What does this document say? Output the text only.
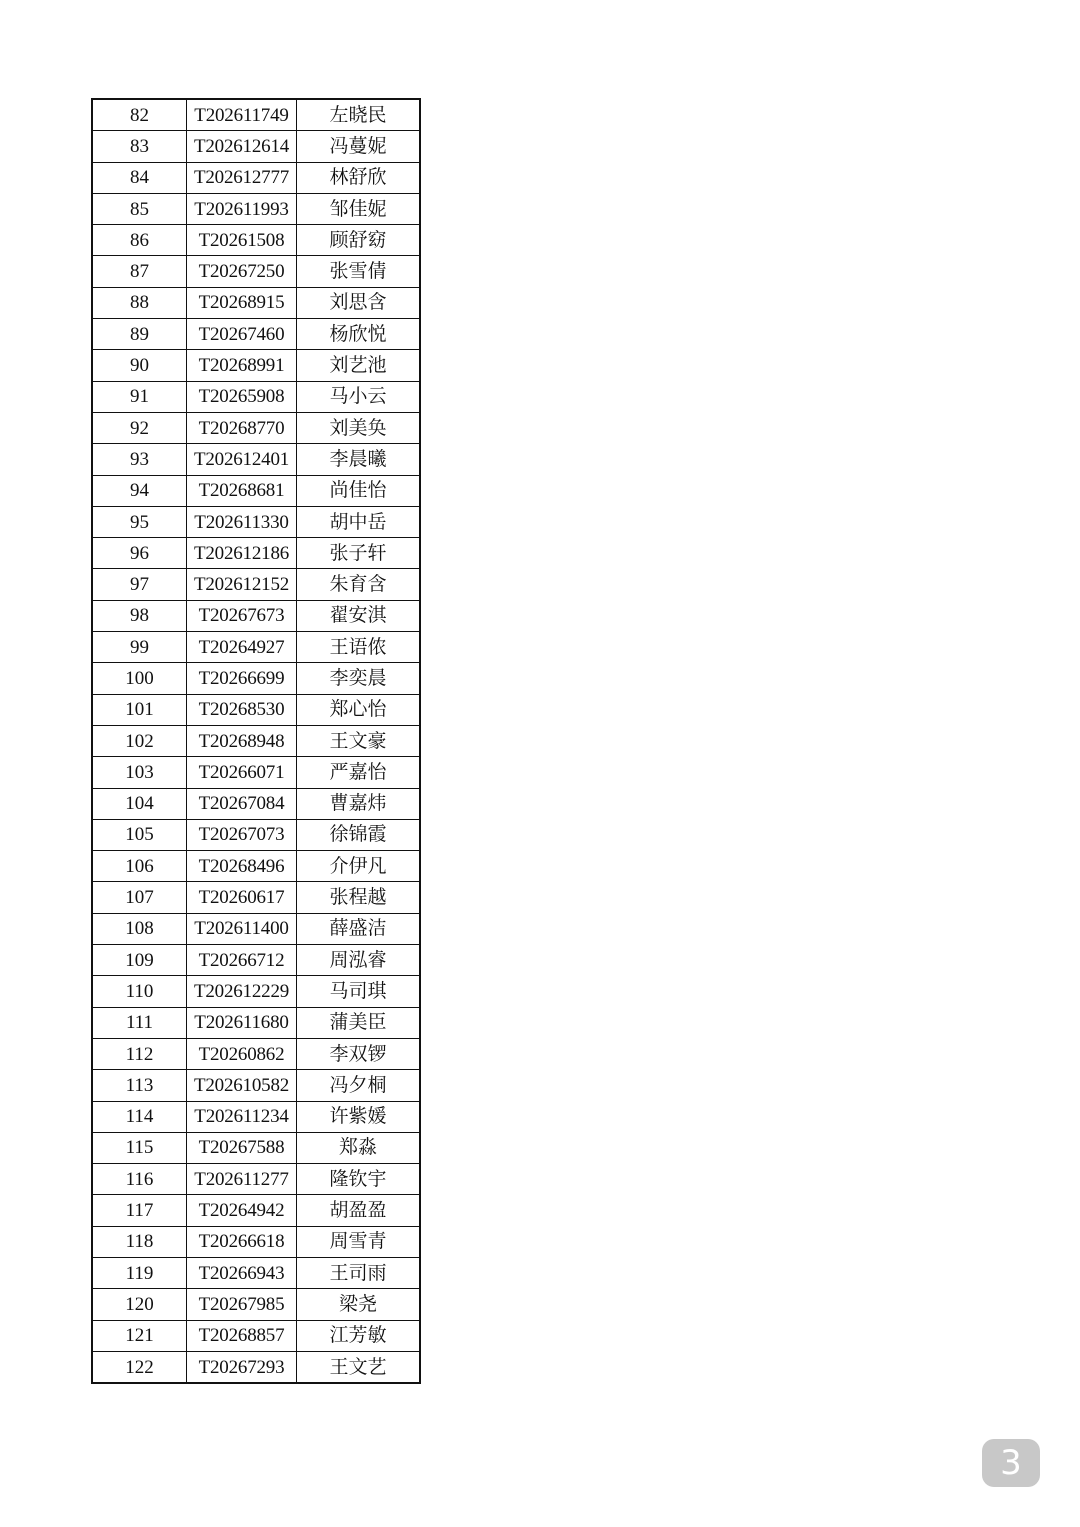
82	T202611749	左晓民
83	T202612614	冯蔓妮
84	T202612777	林舒欣
85	T202611993	邹佳妮
86	T20261508	顾舒窈
87	T20267250	张雪倩
88	T20268915	刘思含
89	T20267460	杨欣悦
90	T20268991	刘艺池
91	T20265908	马小云
92	T20268770	刘美奂
93	T202612401	李晨曦
94	T20268681	尚佳怡
95	T202611330	胡中岳
96	T202612186	张子轩
97	T202612152	朱育含
98	T20267673	翟安淇
99	T20264927	王语侬
100	T20266699	李奕晨
101	T20268530	郑心怡
102	T20268948	王文豪
103	T20266071	严嘉怡
104	T20267084	曹嘉炜
105	T20267073	徐锦霞
106	T20268496	介伊凡
107	T20260617	张程越
108	T202611400	薛盛洁
109	T20266712	周泓睿
110	T202612229	马司琪
111	T202611680	蒲美臣
112	T20260862	李双锣
113	T202610582	冯夕桐
114	T202611234	许紫媛
115	T20267588	郑淼
116	T202611277	隆钦宇
117	T20264942	胡盈盈
118	T20266618	周雪青
119	T20266943	王司雨
120	T20267985	梁尧
121	T20268857	江芳敏
122	T20267293	王文艺
3
